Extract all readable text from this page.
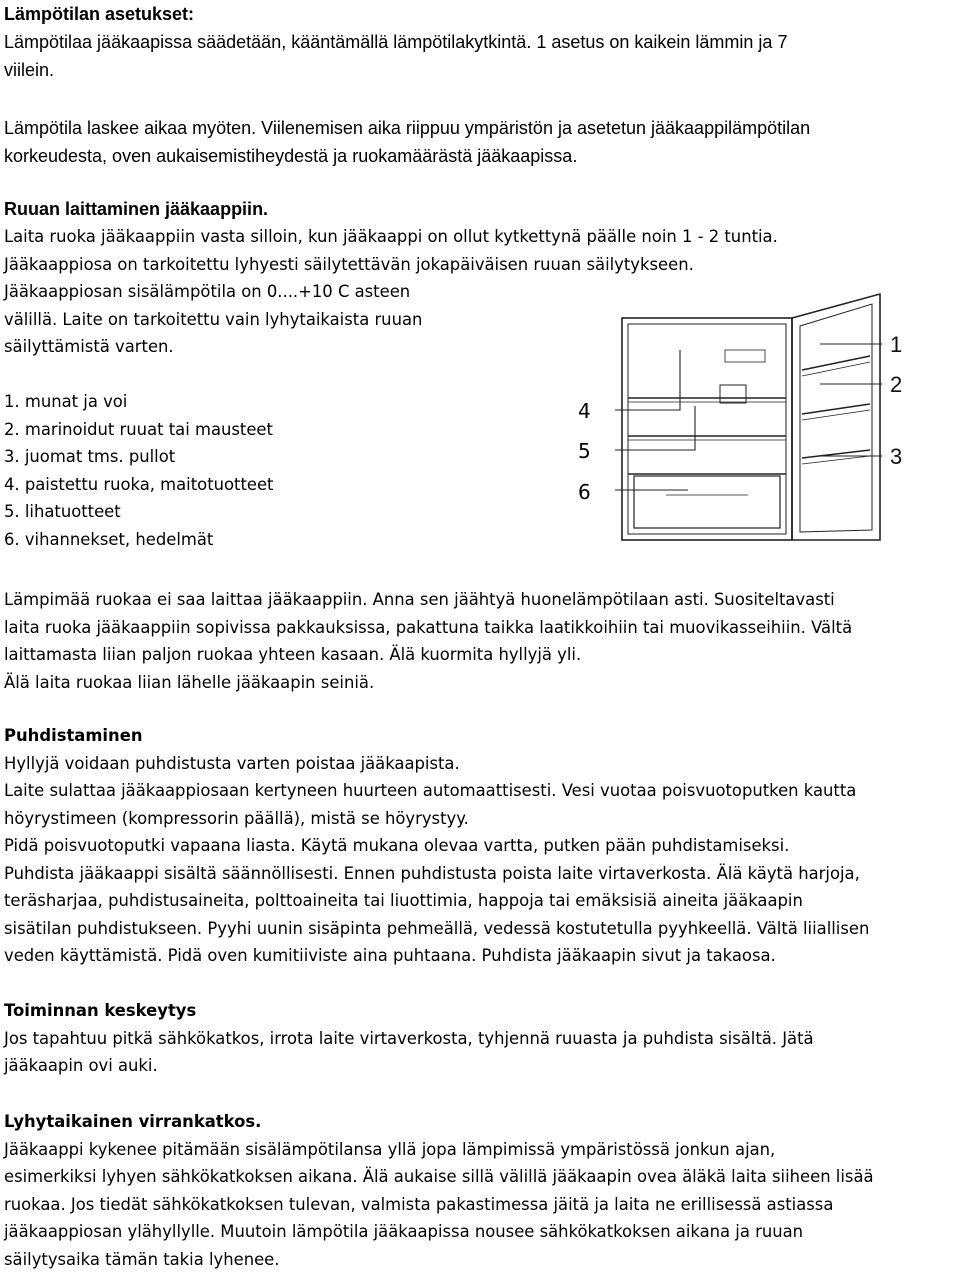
Lämpötilan asetukset:
Lämpötilaa jääkaapissa säädetään, kääntämällä lämpötilakytkintä. 1 asetus on kaikein lämmin ja 7
viilein.
Lämpötila laskee aikaa myöten. Viilenemisen aika riippuu ympäristön ja asetetun jääkaappilämpötilan
korkeudesta, oven aukaisemistiheydestä ja ruokamäärästä jääkaapissa.
Ruuan laittaminen jääkaappiin.
Laita ruoka jääkaappiin vasta silloin, kun jääkaappi on ollut kytkettynä päälle noin 1 - 2 tuntia.
Jääkaappiosa on tarkoitettu lyhyesti säilytettävän jokapäiväisen ruuan säilytykseen.
Jääkaappiosan sisälämpötila on 0....+10 C asteen
välillä. Laite on tarkoitettu vain lyhytaikaista ruuan
säilyttämistä varten.
1. munat ja voi
2. marinoidut ruuat tai mausteet
3. juomat tms. pullot
4. paistettu ruoka, maitotuotteet
5. lihatuotteet
6. vihannekset, hedelmät
4
5
6
1
2
3
Lämpimää ruokaa ei saa laittaa jääkaappiin. Anna sen jäähtyä huonelämpötilaan asti. Suositeltavasti
laita ruoka jääkaappiin sopivissa pakkauksissa, pakattuna taikka laatikkoihiin tai muovikasseihiin. Vältä
laittamasta liian paljon ruokaa yhteen kasaan. Älä kuormita hyllyjä yli.
Älä laita ruokaa liian lähelle jääkaapin seiniä.
Puhdistaminen
Hyllyjä voidaan puhdistusta varten poistaa jääkaapista.
Laite sulattaa jääkaappiosaan kertyneen huurteen automaattisesti. Vesi vuotaa poisvuotoputken kautta
höyrystimeen (kompressorin päällä), mistä se höyrystyy.
Pidä poisvuotoputki vapaana liasta. Käytä mukana olevaa vartta, putken pään puhdistamiseksi.
Puhdista jääkaappi sisältä säännöllisesti. Ennen puhdistusta poista laite virtaverkosta. Älä käytä harjoja,
teräsharjaa, puhdistusaineita, polttoaineita tai liuottimia, happoja tai emäksisiä aineita jääkaapin
sisätilan puhdistukseen. Pyyhi uunin sisäpinta pehmeällä, vedessä kostutetulla pyyhkeellä. Vältä liiallisen
veden käyttämistä. Pidä oven kumitiiviste aina puhtaana. Puhdista jääkaapin sivut ja takaosa.
Toiminnan keskeytys
Jos tapahtuu pitkä sähkökatkos, irrota laite virtaverkosta, tyhjennä ruuasta ja puhdista sisältä. Jätä
jääkaapin ovi auki.
Lyhytaikainen virrankatkos.
Jääkaappi kykenee pitämään sisälämpötilansa yllä jopa lämpimissä ympäristössä jonkun ajan,
esimerkiksi lyhyen sähkökatkoksen aikana. Älä aukaise sillä välillä jääkaapin ovea äläkä laita siiheen lisää
ruokaa. Jos tiedät sähkökatkoksen tulevan, valmista pakastimessa jäitä ja laita ne erillisessä astiassa
jääkaappiosan ylähyllylle. Muutoin lämpötila jääkaapissa nousee sähkökatkoksen aikana ja ruuan
säilytysaika tämän takia lyhenee.
